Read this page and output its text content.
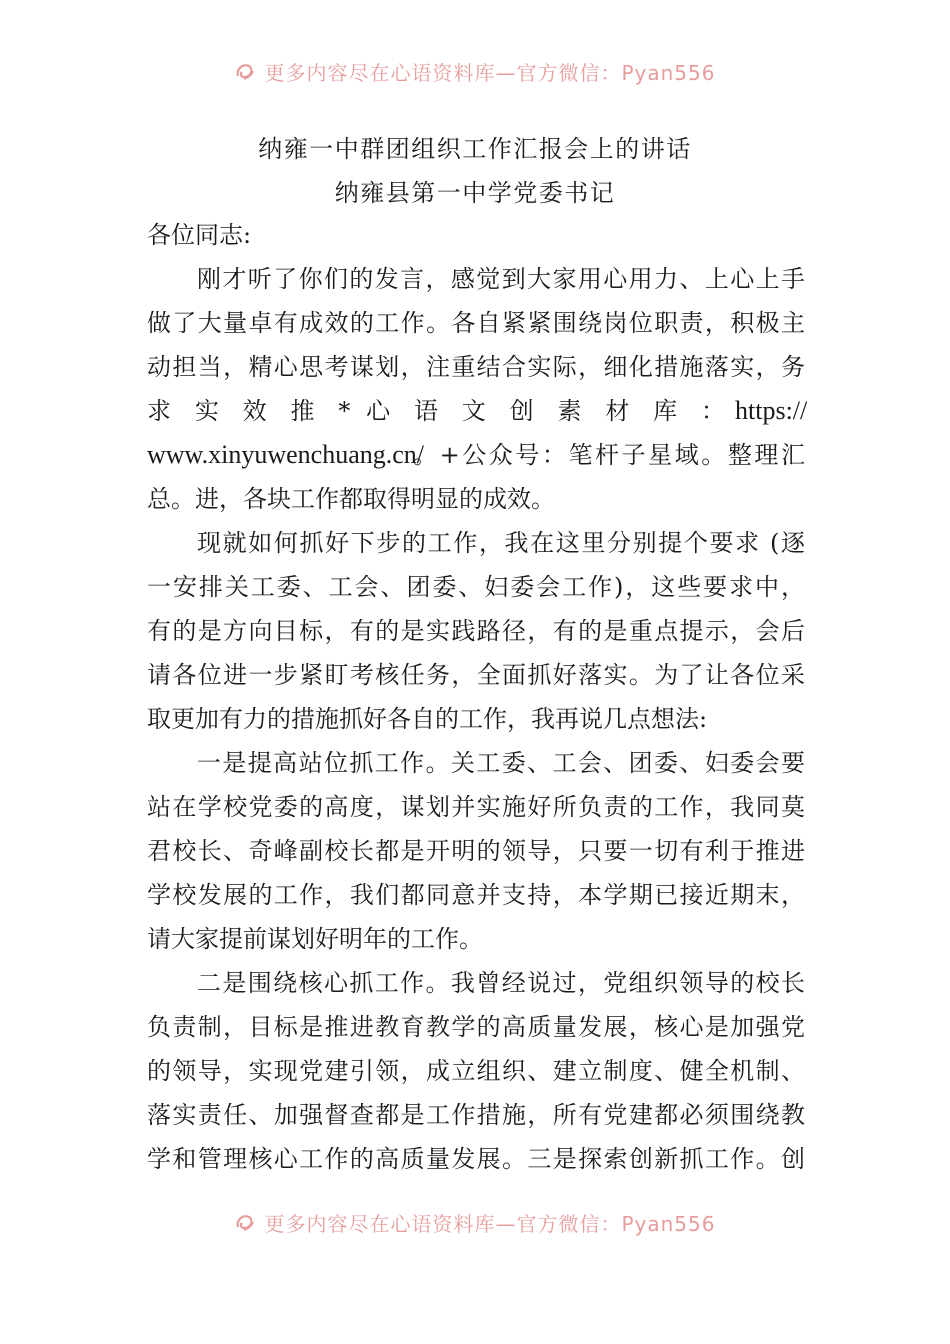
更多内容尽在心语资料库—官方微信：Pyan556
纳雍一中群团组织工作汇报会上的讲话
纳雍县第一中学党委书记
各位同志:
刚才听了你们的发言，感觉到大家用心用力、上心上手
做了大量卓有成效的工作。各自紧紧围绕岗位职责，积极主
动担当，精心思考谋划，注重结合实际，细化措施落实，务
求 实 效 推 * 心 语 文 创 素 材 库 ： https://
www.xinyuwenchuang.cn/
。+公众号：笔杆子星域。整理汇
总。进，各块工作都取得明显的成效。
现就如何抓好下步的工作，我在这里分别提个要求 (逐
一安排关工委、工会、团委、妇委会工作)，这些要求中，
有的是方向目标，有的是实践路径，有的是重点提示，会后
请各位进一步紧盯考核任务，全面抓好落实。为了让各位采
取更加有力的措施抓好各自的工作，我再说几点想法:
一是提高站位抓工作。关工委、工会、团委、妇委会要
站在学校党委的高度，谋划并实施好所负责的工作，我同莫
君校长、奇峰副校长都是开明的领导，只要一切有利于推进
学校发展的工作，我们都同意并支持，本学期已接近期末，
请大家提前谋划好明年的工作。
二是围绕核心抓工作。我曾经说过，党组织领导的校长
负责制，目标是推进教育教学的高质量发展，核心是加强党
的领导，实现党建引领，成立组织、建立制度、健全机制、
落实责任、加强督查都是工作措施，所有党建都必须围绕教
学和管理核心工作的高质量发展。三是探索创新抓工作。创
更多内容尽在心语资料库—官方微信：Pyan556
